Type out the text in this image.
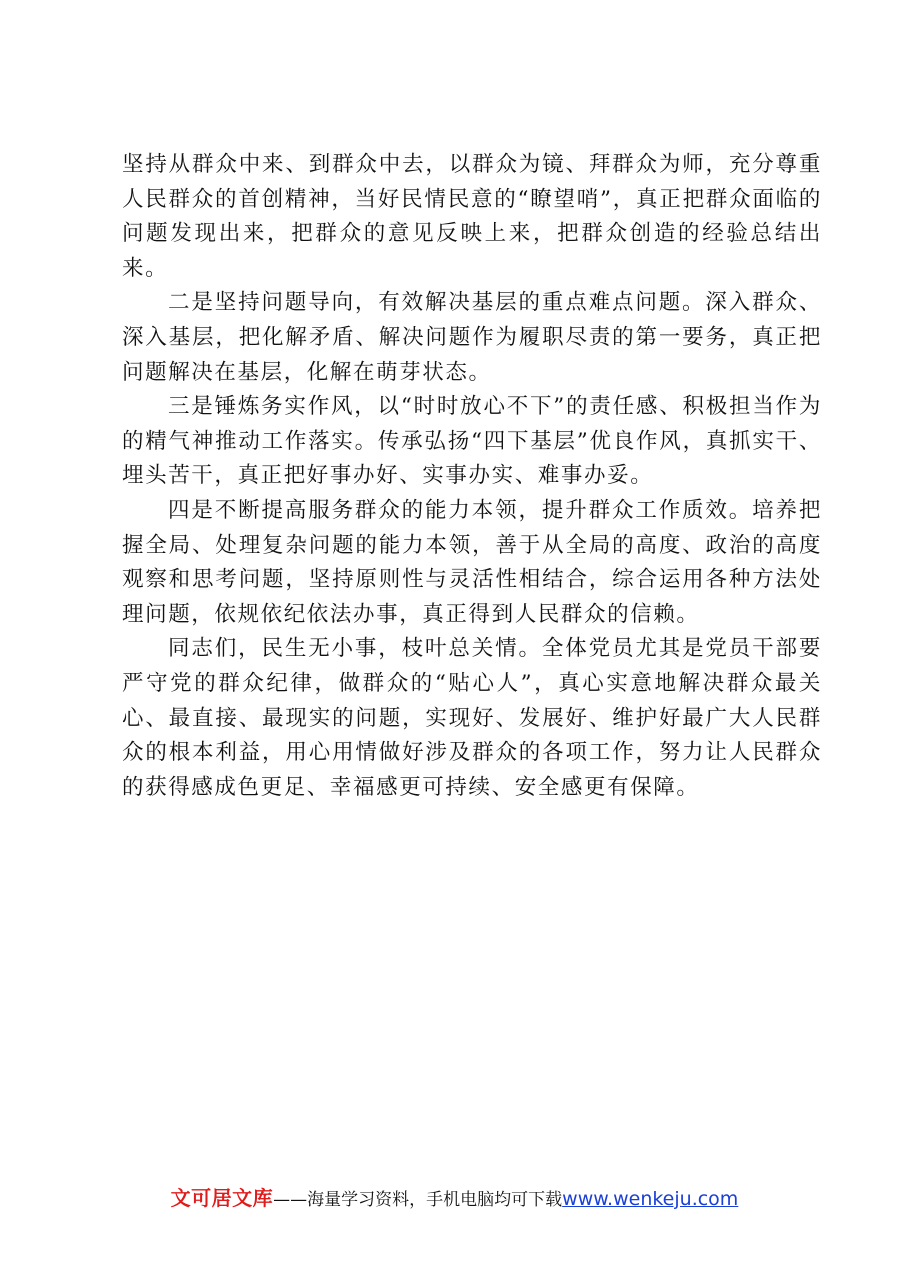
坚持从群众中来、到群众中去，以群众为镜、拜群众为师，充分尊重人民群众的首创精神，当好民情民意的“瞭望哨”，真正把群众面临的问题发现出来，把群众的意见反映上来，把群众创造的经验总结出来。

二是坚持问题导向，有效解决基层的重点难点问题。深入群众、深入基层，把化解矛盾、解决问题作为履职尽责的第一要务，真正把问题解决在基层，化解在萌芽状态。

三是锤炼务实作风，以“时时放心不下”的责任感、积极担当作为的精气神推动工作落实。传承弘扬“四下基层”优良作风，真抓实干、埋头苦干，真正把好事办好、实事办实、难事办妥。

四是不断提高服务群众的能力本领，提升群众工作质效。培养把握全局、处理复杂问题的能力本领，善于从全局的高度、政治的高度观察和思考问题，坚持原则性与灵活性相结合，综合运用各种方法处理问题，依规依纪依法办事，真正得到人民群众的信赖。

同志们，民生无小事，枝叶总关情。全体党员尤其是党员干部要严守党的群众纪律，做群众的“贴心人”，真心实意地解决群众最关心、最直接、最现实的问题，实现好、发展好、维护好最广大人民群众的根本利益，用心用情做好涉及群众的各项工作，努力让人民群众的获得感成色更足、幸福感更可持续、安全感更有保障。

文可居文库——海量学习资料，手机电脑均可下载www.wenkeju.com
